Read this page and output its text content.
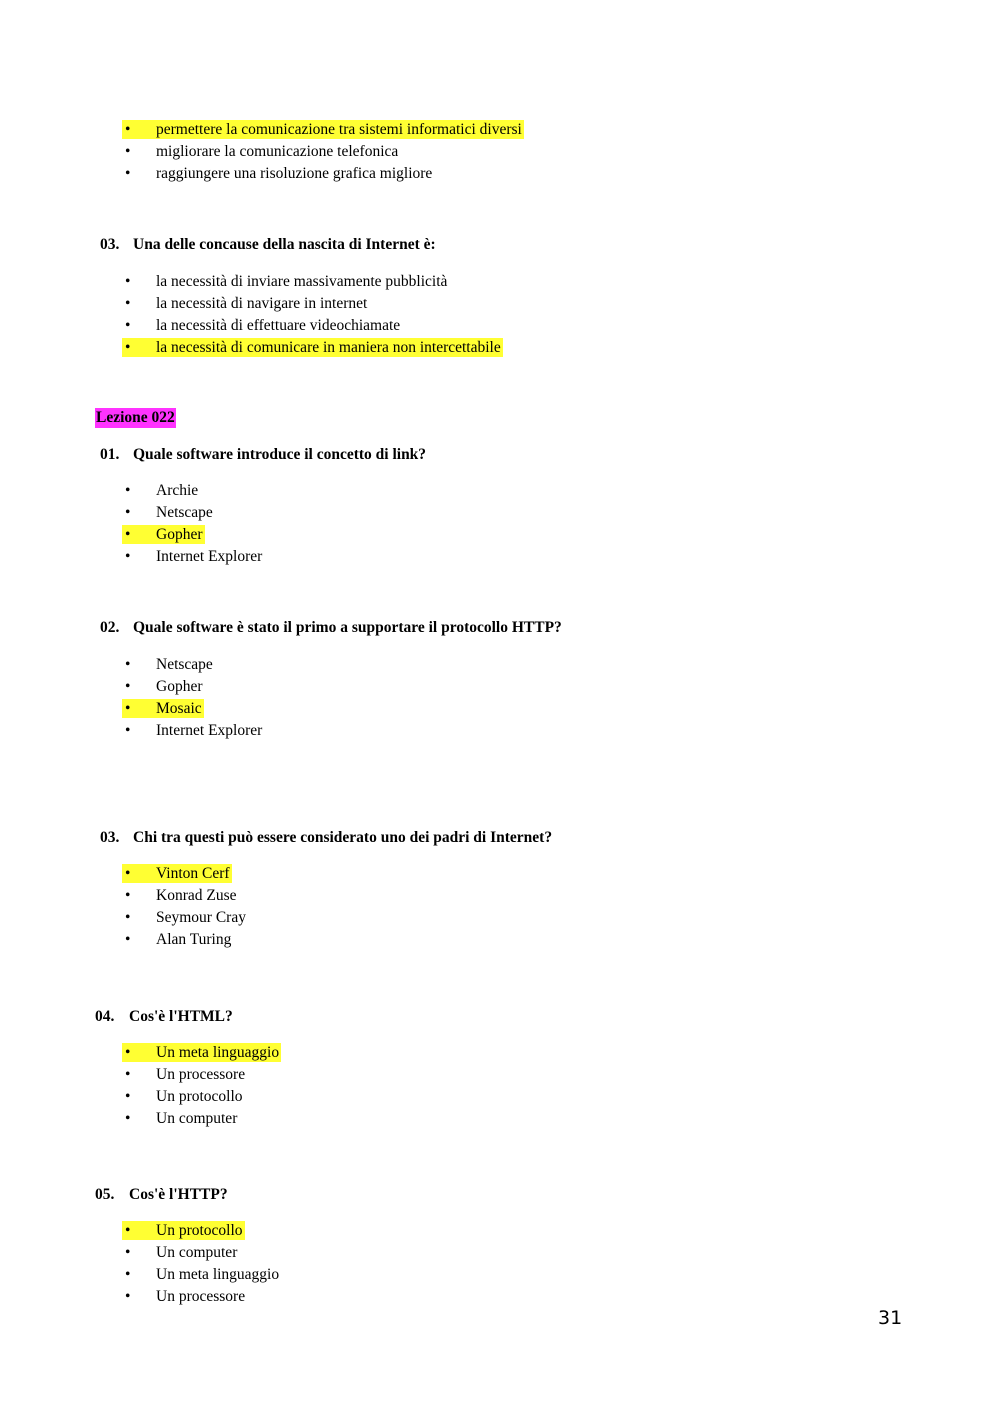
• permettere la comunicazione tra sistemi informatici diversi
• migliorare la comunicazione telefonica
• raggiungere una risoluzione grafica migliore
03. Una delle concause della nascita di Internet è:
• la necessità di inviare massivamente pubblicità
• la necessità di navigare in internet
• la necessità di effettuare videochiamate
• la necessità di comunicare in maniera non intercettabile
Lezione 022
01. Quale software introduce il concetto di link?
• Archie
• Netscape
• Gopher
• Internet Explorer
02. Quale software è stato il primo a supportare il protocollo HTTP?
• Netscape
• Gopher
• Mosaic
• Internet Explorer
03. Chi tra questi può essere considerato uno dei padri di Internet?
• Vinton Cerf
• Konrad Zuse
• Seymour Cray
• Alan Turing
04. Cos'è l'HTML?
• Un meta linguaggio
• Un processore
• Un protocollo
• Un computer
05. Cos'è l'HTTP?
• Un protocollo
• Un computer
• Un meta linguaggio
• Un processore
31
